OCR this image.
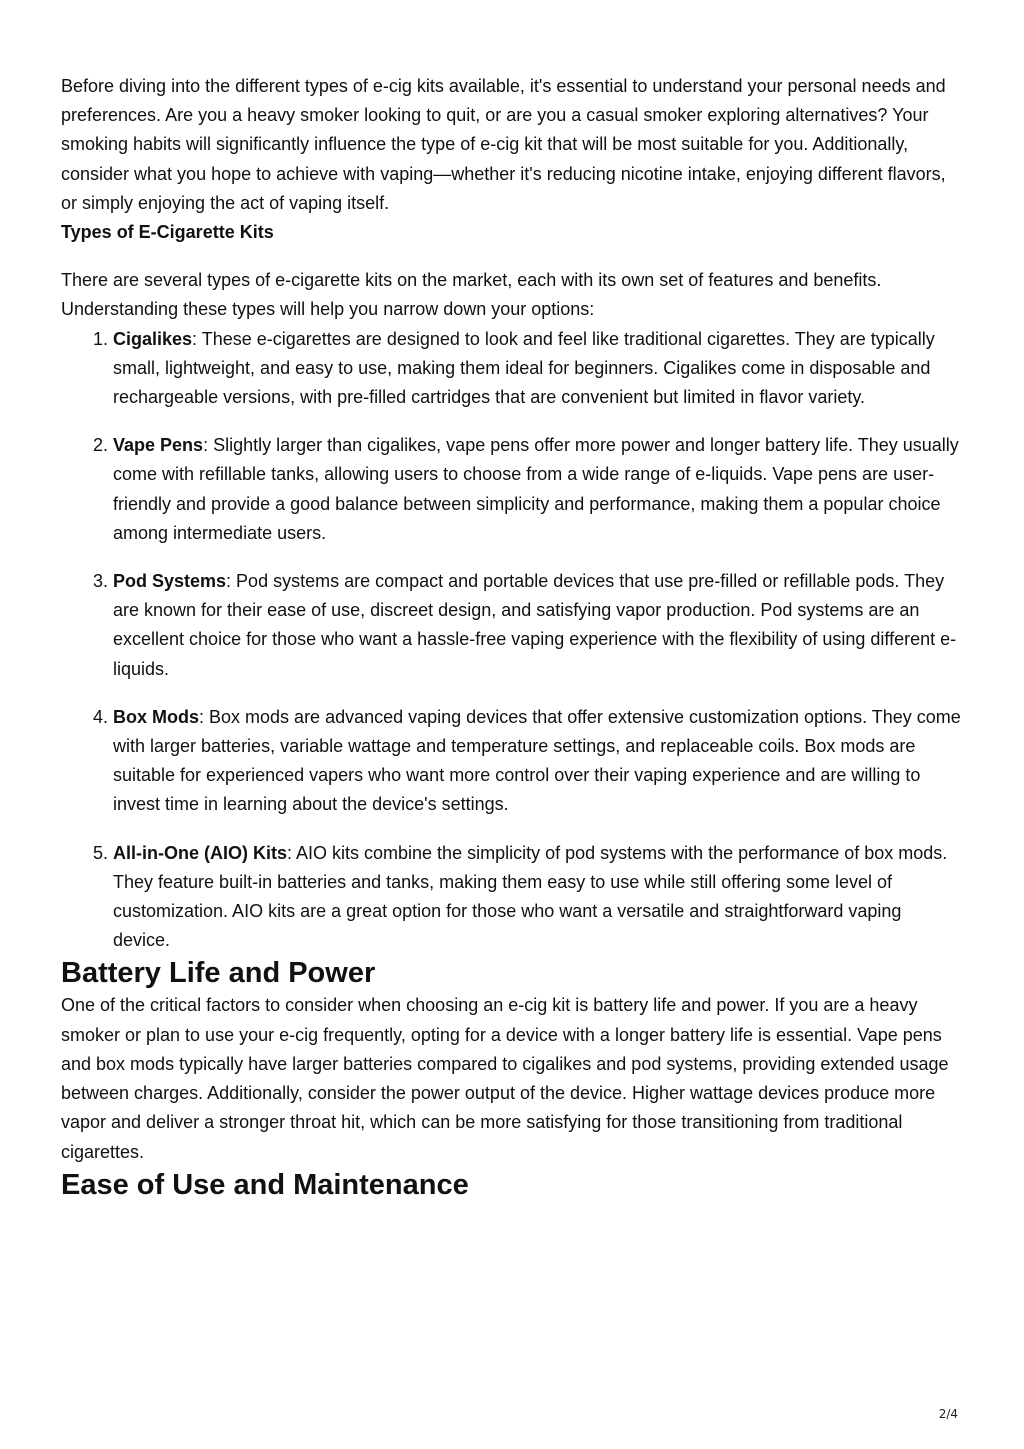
Before diving into the different types of e-cig kits available, it's essential to understand your personal needs and preferences. Are you a heavy smoker looking to quit, or are you a casual smoker exploring alternatives? Your smoking habits will significantly influence the type of e-cig kit that will be most suitable for you. Additionally, consider what you hope to achieve with vaping—whether it's reducing nicotine intake, enjoying different flavors, or simply enjoying the act of vaping itself.

Types of E-Cigarette Kits

There are several types of e-cigarette kits on the market, each with its own set of features and benefits. Understanding these types will help you narrow down your options:

1. Cigalikes: These e-cigarettes are designed to look and feel like traditional cigarettes. They are typically small, lightweight, and easy to use, making them ideal for beginners. Cigalikes come in disposable and rechargeable versions, with pre-filled cartridges that are convenient but limited in flavor variety.
2. Vape Pens: Slightly larger than cigalikes, vape pens offer more power and longer battery life. They usually come with refillable tanks, allowing users to choose from a wide range of e-liquids. Vape pens are user-friendly and provide a good balance between simplicity and performance, making them a popular choice among intermediate users.
3. Pod Systems: Pod systems are compact and portable devices that use pre-filled or refillable pods. They are known for their ease of use, discreet design, and satisfying vapor production. Pod systems are an excellent choice for those who want a hassle-free vaping experience with the flexibility of using different e-liquids.
4. Box Mods: Box mods are advanced vaping devices that offer extensive customization options. They come with larger batteries, variable wattage and temperature settings, and replaceable coils. Box mods are suitable for experienced vapers who want more control over their vaping experience and are willing to invest time in learning about the device's settings.
5. All-in-One (AIO) Kits: AIO kits combine the simplicity of pod systems with the performance of box mods. They feature built-in batteries and tanks, making them easy to use while still offering some level of customization. AIO kits are a great option for those who want a versatile and straightforward vaping device.
Battery Life and Power

One of the critical factors to consider when choosing an e-cig kit is battery life and power. If you are a heavy smoker or plan to use your e-cig frequently, opting for a device with a longer battery life is essential. Vape pens and box mods typically have larger batteries compared to cigalikes and pod systems, providing extended usage between charges. Additionally, consider the power output of the device. Higher wattage devices produce more vapor and deliver a stronger throat hit, which can be more satisfying for those transitioning from traditional cigarettes.

Ease of Use and Maintenance
2/4
